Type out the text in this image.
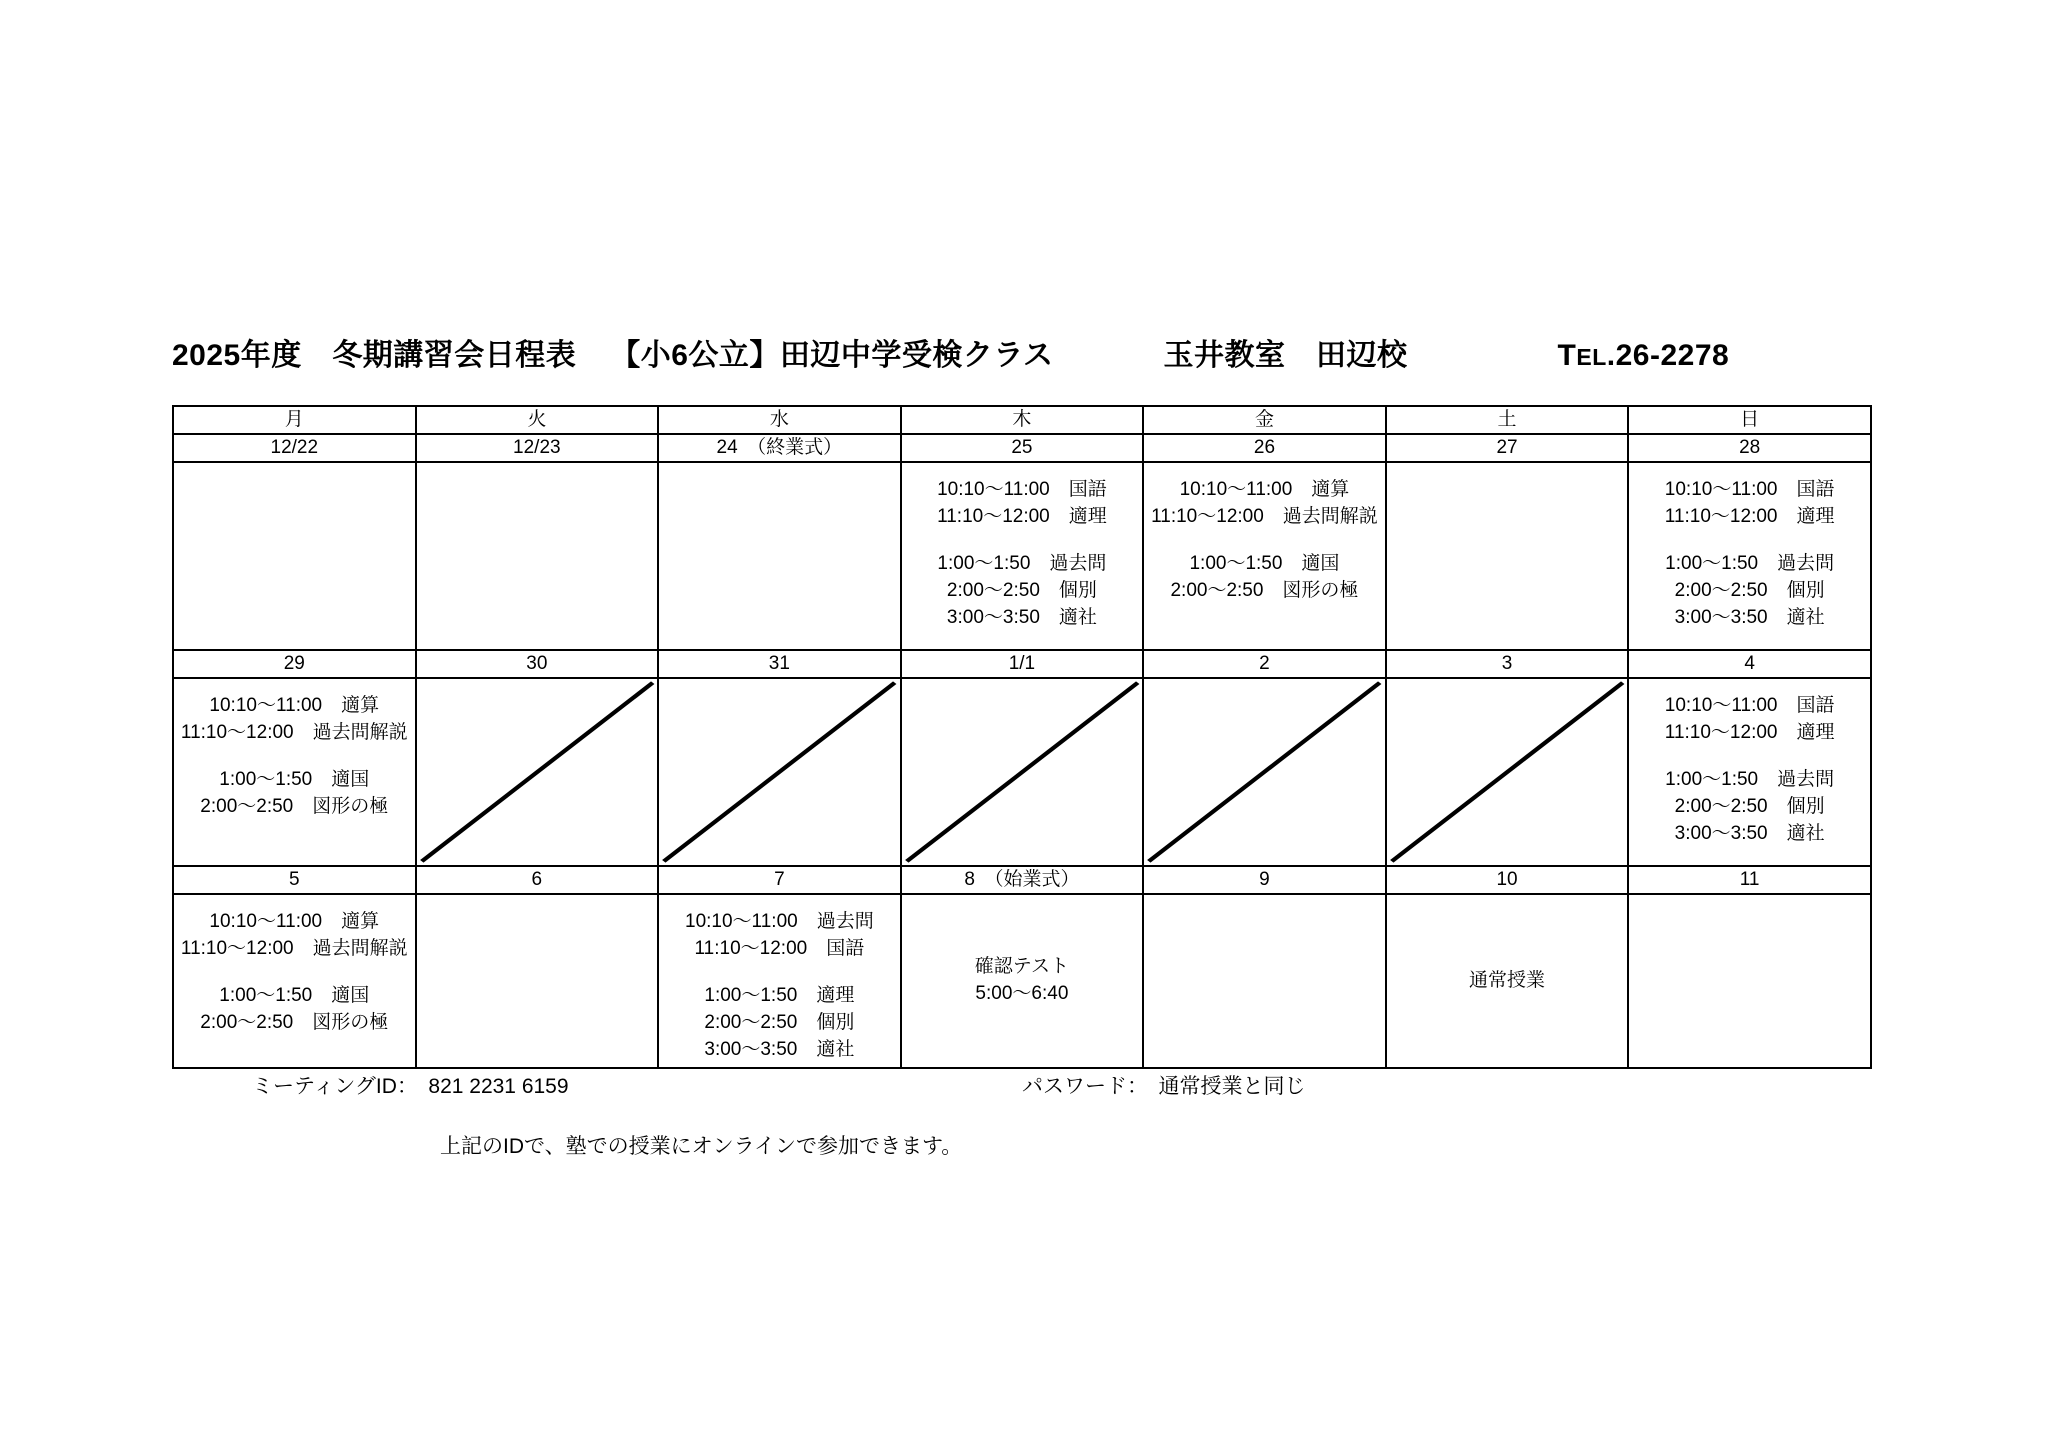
2025年度　冬期講習会日程表 【小6公立】田辺中学受検クラス	玉井教室　田辺校	TEL.26-2278
月	火	水	木	金	土	日
12/22	12/23	24　（終業式）	25	26	27	28

			10:10～11:00　国語
11:10～12:00　適理
1:00～1:50　過去問
2:00～2:50　個別
3:00～3:50　適社	10:10～11:00　適算
11:10～12:00　過去問解説
1:00～1:50　適国
2:00～2:50　図形の極		10:10～11:00　国語
11:10～12:00　適理
1:00～1:50　過去問
2:00～2:50　個別
3:00～3:50　適社

29	30	31	1/1	2	3	4

10:10～11:00　適算
11:10～12:00　過去問解説
1:00～1:50　適国
2:00～2:50　図形の極						10:10～11:00　国語
11:10～12:00　適理
1:00～1:50　過去問
2:00～2:50　個別
3:00～3:50　適社

5	6	7	8　（始業式）	9	10	11

10:10～11:00　適算
11:10～12:00　過去問解説
1:00～1:50　適国
2:00～2:50　図形の極		10:10～11:00　過去問
11:10～12:00　国語
1:00～1:50　適理
2:00～2:50　個別
3:00～3:50　適社	確認テスト
5:00～6:40		通常授業	

ミーティングID：　821 2231 6159	パスワード：　通常授業と同じ
上記のIDで、塾での授業にオンラインで参加できます。
